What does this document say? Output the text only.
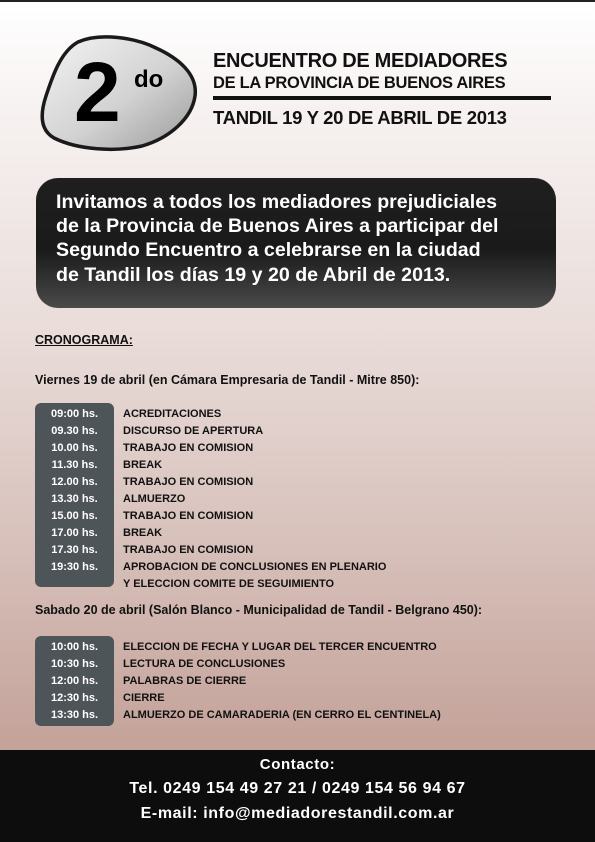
2 do
ENCUENTRO DE MEDIADORES
DE LA PROVINCIA DE BUENOS AIRES
TANDIL 19 Y 20 DE ABRIL DE 2013
Invitamos a todos los mediadores prejudiciales
de la Provincia de Buenos Aires a participar del
Segundo Encuentro a celebrarse en la ciudad
de Tandil los días 19 y 20 de Abril de 2013.
CRONOGRAMA:
Viernes 19 de abril (en Cámara Empresaria de Tandil - Mitre 850):
09:00 hs.	ACREDITACIONES
09.30 hs.	DISCURSO DE APERTURA
10.00 hs.	TRABAJO EN COMISION
11.30 hs.	BREAK
12.00 hs.	TRABAJO EN COMISION
13.30 hs.	ALMUERZO
15.00 hs.	TRABAJO EN COMISION
17.00 hs.	BREAK
17.30 hs.	TRABAJO EN COMISION
19:30 hs.	APROBACION DE CONCLUSIONES EN PLENARIO
Y ELECCION COMITE DE SEGUIMIENTO
Sabado 20 de abril (Salón Blanco - Municipalidad de Tandil - Belgrano 450):
10:00 hs.	ELECCION DE FECHA Y LUGAR DEL TERCER ENCUENTRO
10:30 hs.	LECTURA DE CONCLUSIONES
12:00 hs.	PALABRAS DE CIERRE
12:30 hs.	CIERRE
13:30 hs.	ALMUERZO DE CAMARADERIA (EN CERRO EL CENTINELA)
Contacto:
Tel. 0249 154 49 27 21 / 0249 154 56 94 67
E-mail: info@mediadorestandil.com.ar
